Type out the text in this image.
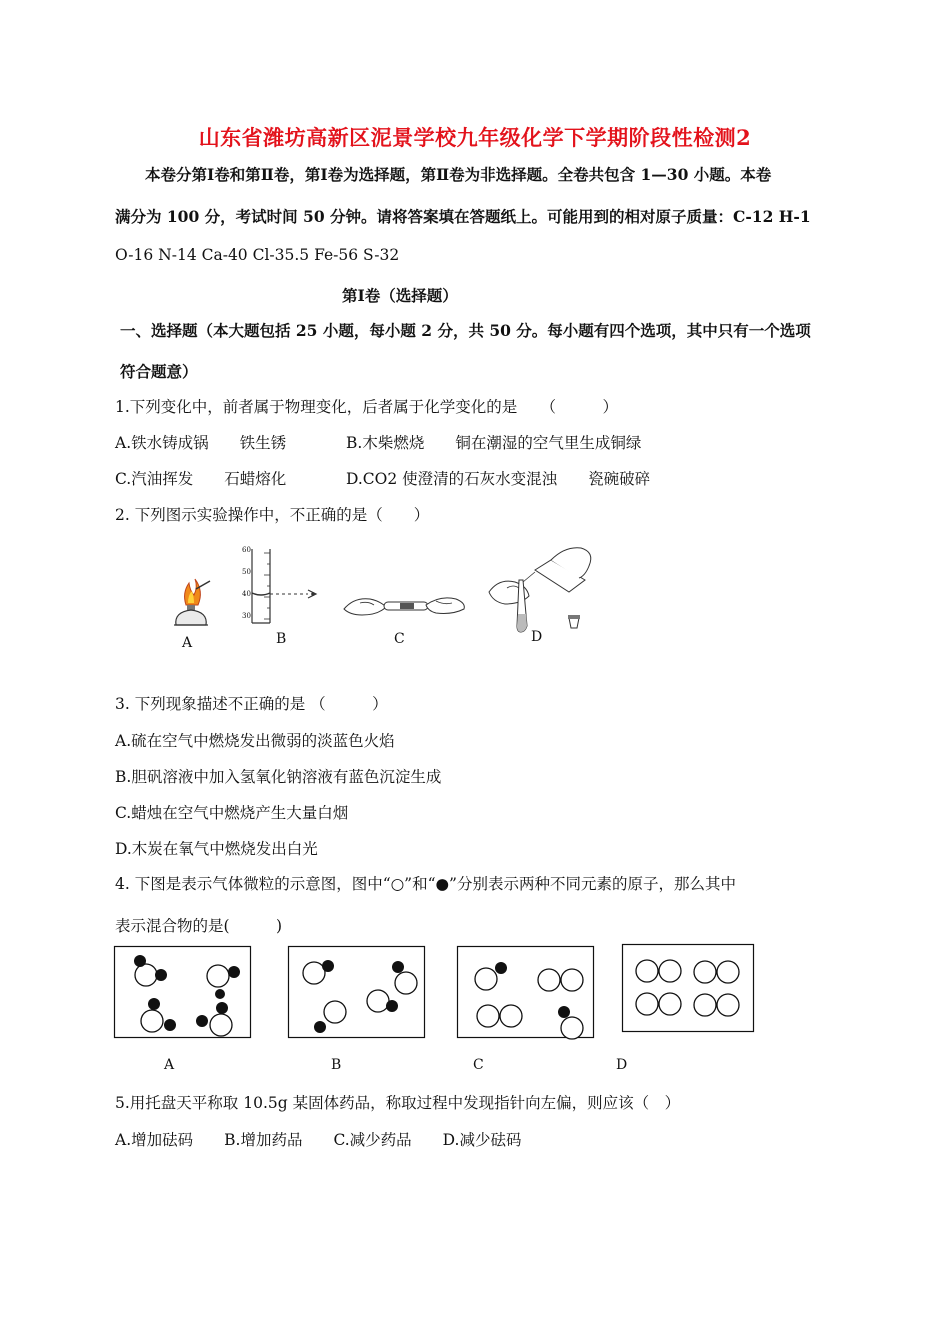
山东省潍坊高新区泥景学校九年级化学下学期阶段性检测2
本卷分第Ⅰ卷和第Ⅱ卷，第Ⅰ卷为选择题，第Ⅱ卷为非选择题。全卷共包含 1—30 小题。本卷
满分为 100 分，考试时间 50 分钟。请将答案填在答题纸上。可能用到的相对原子质量：C-12 H-1
O-16 N-14 Ca-40 Cl-35.5 Fe-56 S-32
第Ⅰ卷（选择题）
一、选择题（本大题包括 25 小题，每小题 2 分，共 50 分。每小题有四个选项，其中只有一个选项
符合题意）
1.下列变化中，前者属于物理变化，后者属于化学变化的是　　（　　　）
A.铁水铸成锅　　铁生锈	B.木柴燃烧　　铜在潮湿的空气里生成铜绿
C.汽油挥发　　石蜡熔化	D.CO2 使澄清的石灰水变混浊　　瓷碗破碎
2. 下列图示实验操作中，不正确的是（　　）
A
60
50
40
30
B	C	D
3. 下列现象描述不正确的是 （　　　）
A.硫在空气中燃烧发出微弱的淡蓝色火焰
B.胆矾溶液中加入氢氧化钠溶液有蓝色沉淀生成
C.蜡烛在空气中燃烧产生大量白烟
D.木炭在氧气中燃烧发出白光
4. 下图是表示气体微粒的示意图，图中“○”和“●”分别表示两种不同元素的原子，那么其中
表示混合物的是(　　　)
A	B	C	D
5.用托盘天平称取 10.5g 某固体药品，称取过程中发现指针向左偏，则应该（　）
A.增加砝码　　B.增加药品　　C.减少药品　　D.减少砝码
